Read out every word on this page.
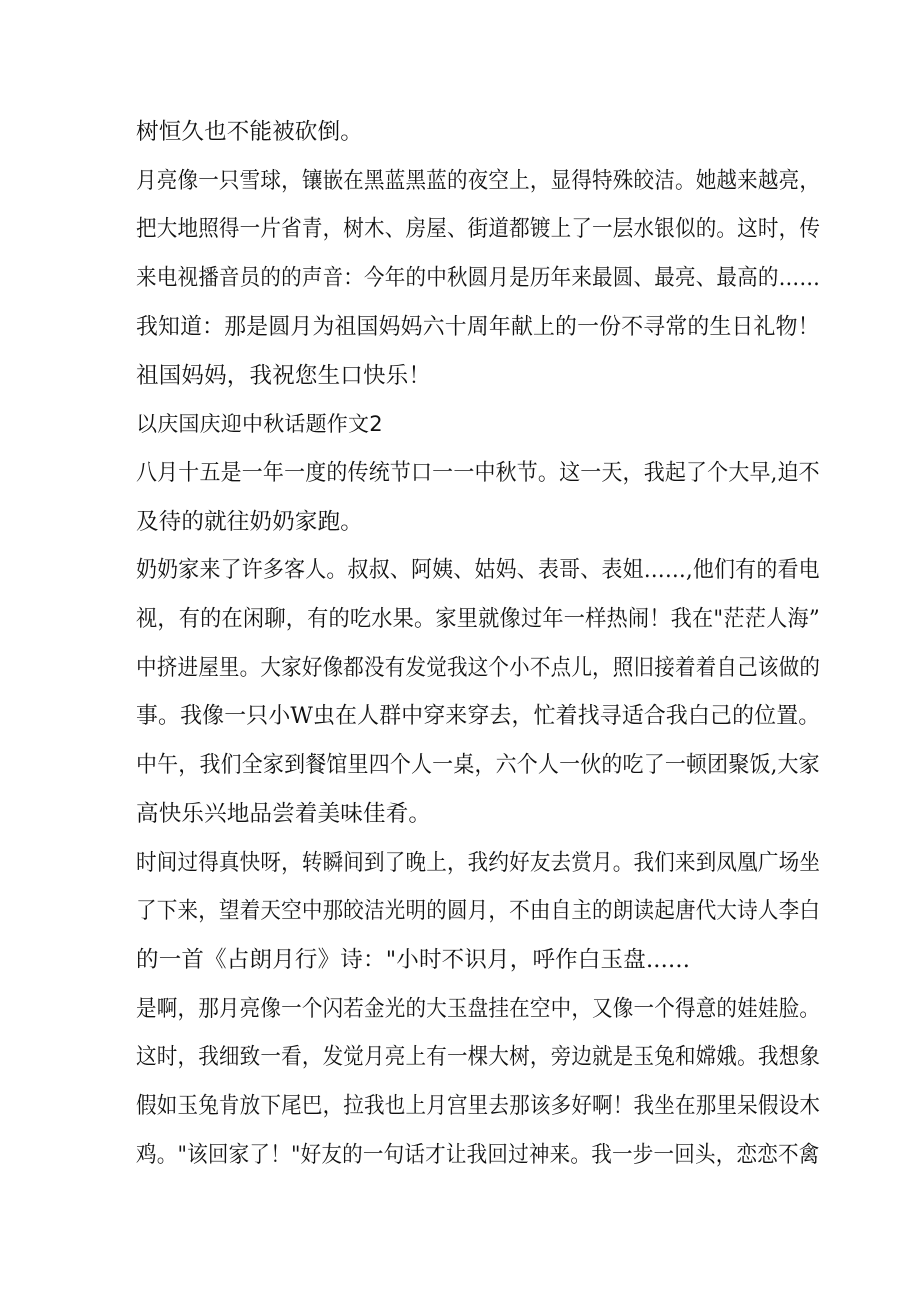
树恒久也不能被砍倒。
月亮像一只雪球，镶嵌在黑蓝黑蓝的夜空上，显得特殊皎洁。她越来越亮，
把大地照得一片省青，树木、房屋、街道都镀上了一层水银似的。这时，传
来电视播音员的的声音：今年的中秋圆月是历年来最圆、最亮、最高的……
我知道：那是圆月为祖国妈妈六十周年献上的一份不寻常的生日礼物！
祖国妈妈，我祝您生口快乐！
以庆国庆迎中秋话题作文2
八月十五是一年一度的传统节口一一中秋节。这一天，我起了个大早,迫不
及待的就往奶奶家跑。
奶奶家来了许多客人。叔叔、阿姨、姑妈、表哥、表姐……,他们有的看电
视，有的在闲聊，有的吃水果。家里就像过年一样热闹！我在"茫茫人海”
中挤进屋里。大家好像都没有发觉我这个小不点儿，照旧接着着自己该做的
事。我像一只小W虫在人群中穿来穿去，忙着找寻适合我白己的位置。
中午，我们全家到餐馆里四个人一桌，六个人一伙的吃了一顿团聚饭,大家
高快乐兴地品尝着美味佳肴。
时间过得真快呀，转瞬间到了晚上，我约好友去赏月。我们来到凤凰广场坐
了下来，望着天空中那皎洁光明的圆月，不由自主的朗读起唐代大诗人李白
的一首《占朗月行》诗："小时不识月，呼作白玉盘......
是啊，那月亮像一个闪若金光的大玉盘挂在空中，又像一个得意的娃娃脸。
这时，我细致一看，发觉月亮上有一棵大树，旁边就是玉兔和嫦娥。我想象
假如玉兔肯放下尾巴，拉我也上月宫里去那该多好啊！我坐在那里呆假设木
鸡。"该回家了！"好友的一句话才让我回过神来。我一步一回头，恋恋不禽
